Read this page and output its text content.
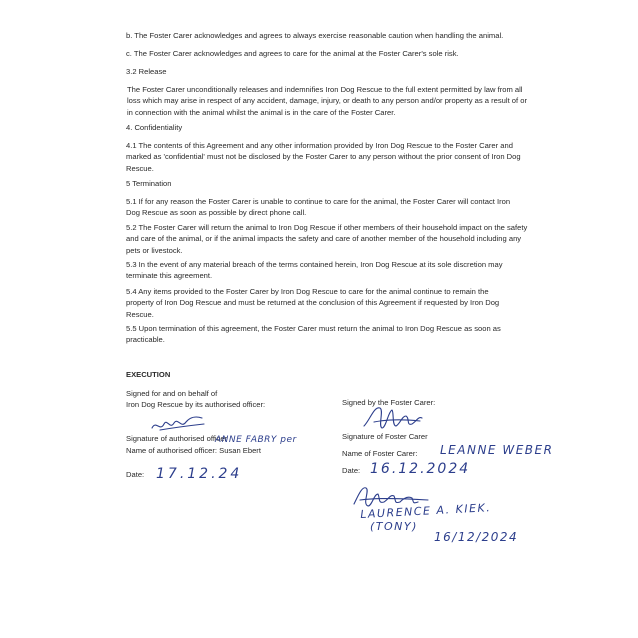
b. The Foster Carer acknowledges and agrees to always exercise reasonable caution when handling the animal.

c. The Foster Carer acknowledges and agrees to care for the animal at the Foster Carer's sole risk.

3.2 Release

The Foster Carer unconditionally releases and indemnifies Iron Dog Rescue to the full extent permitted by law from all loss which may arise in respect of any accident, damage, injury, or death to any person and/or property as a result of or in connection with the animal whilst the animal is in the care of the Foster Carer.

4. Confidentiality

4.1 The contents of this Agreement and any other information provided by Iron Dog Rescue to the Foster Carer and marked as 'confidential' must not be disclosed by the Foster Carer to any person without the prior consent of Iron Dog Rescue.

5 Termination

5.1 If for any reason the Foster Carer is unable to continue to care for the animal, the Foster Carer will contact Iron Dog Rescue as soon as possible by direct phone call.

5.2 The Foster Carer will return the animal to Iron Dog Rescue if other members of their household impact on the safety and care of the animal, or if the animal impacts the safety and care of another member of the household including any pets or livestock.

5.3 In the event of any material breach of the terms contained herein, Iron Dog Rescue at its sole discretion may terminate this agreement.

5.4 Any items provided to the Foster Carer by Iron Dog Rescue to care for the animal continue to remain the property of Iron Dog Rescue and must be returned at the conclusion of this Agreement if requested by Iron Dog Rescue.

5.5 Upon termination of this agreement, the Foster Carer must return the animal to Iron Dog Rescue as soon as practicable.

EXECUTION
Signed for and on behalf of
Iron Dog Rescue by its authorised officer:
Signature of authorised officer
ANNE FABRY per
Name of authorised officer: Susan Ebert
Date: 17.12.24
Signed by the Foster Carer:
Signature of Foster Carer
Name of Foster Carer: LEANNE WEBER
Date: 16.12.2024
LAURENCE A. KIEK.
(TONY)
16/12/2024
